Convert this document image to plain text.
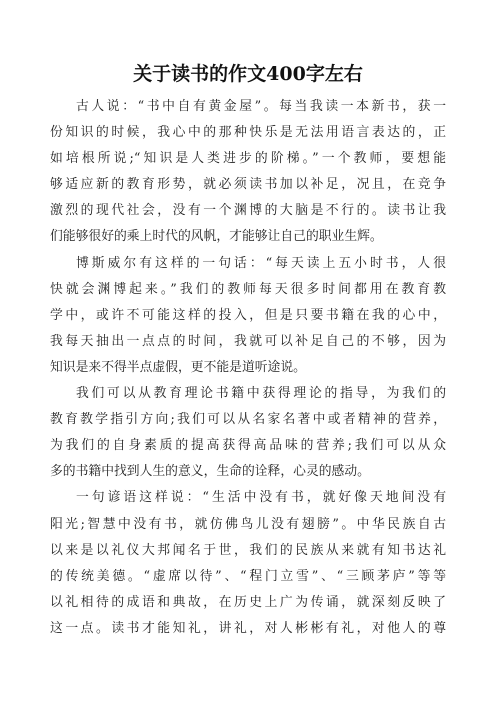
关于读书的作文400字左右
古人说：“书中自有黄金屋”。每当我读一本新书，获一
份知识的时候，我心中的那种快乐是无法用语言表达的，正
如培根所说;“知识是人类进步的阶梯。”一个教师，要想能
够适应新的教育形势，就必须读书加以补足，况且，在竞争
激烈的现代社会，没有一个渊博的大脑是不行的。读书让我
们能够很好的乘上时代的风帆，才能够让自己的职业生辉。
博斯威尔有这样的一句话：“每天读上五小时书，人很
快就会渊博起来。”我们的教师每天很多时间都用在教育教
学中，或许不可能这样的投入，但是只要书籍在我的心中，
我每天抽出一点点的时间，我就可以补足自己的不够，因为
知识是来不得半点虚假，更不能是道听途说。
我们可以从教育理论书籍中获得理论的指导，为我们的
教育教学指引方向;我们可以从名家名著中或者精神的营养，
为我们的自身素质的提高获得高品味的营养;我们可以从众
多的书籍中找到人生的意义，生命的诠释，心灵的感动。
一句谚语这样说：“生活中没有书，就好像天地间没有
阳光;智慧中没有书，就仿佛鸟儿没有翅膀”。中华民族自古
以来是以礼仪大邦闻名于世，我们的民族从来就有知书达礼
的传统美德。“虚席以待”、“程门立雪”、“三顾茅庐”等等
以礼相待的成语和典故，在历史上广为传诵，就深刻反映了
这一点。读书才能知礼，讲礼，对人彬彬有礼，对他人的尊
